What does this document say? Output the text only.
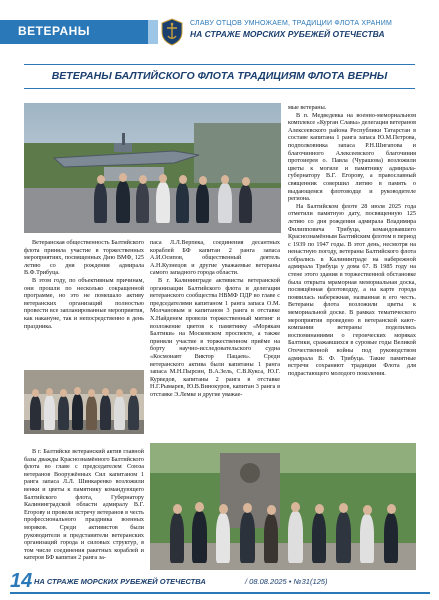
ВЕТЕРАНЫ
СЛАВУ ОТЦОВ УМНОЖАЕМ, ТРАДИЦИИ ФЛОТА ХРАНИМ
НА СТРАЖЕ МОРСКИХ РУБЕЖЕЙ ОТЕЧЕСТВА
ВЕТЕРАНЫ БАЛТИЙСКОГО ФЛОТА ТРАДИЦИЯМ ФЛОТА ВЕРНЫ

Ветеранская общественность Балтийского флота приняла участие в торжественных мероприятиях, посвященных Дню ВМФ, 125 летию со дня рождения адмирала В.Ф.Трибуца.

В этом году, по объективным причинам, они прошли по несколько сокращенной программе, но это не помешало активу ветеранских организаций полностью провести все запланированные мероприятия, как накануне, так и непосредственно в день праздника.

В г. Балтийске ветеранский актив главной базы дважды Краснознамённого Балтийского флота во главе с председателем Союза ветеранов Вооружённых Сил капитаном 1 ранга запаса Л.Л. Шинкаренко возложили венки и цветы к памятнику командующего Балтийского флота, Губернатору Калининградской области адмиралу В.Г. Егорову и провели встречу ветеранов в честь профессионального праздника военных моряков. Среди активистов были руководители и представители ветеранских организаций города и силовых структур, в том числе соединения ракетных кораблей и катеров БФ капитан 2 ранга за-

паса Л.Л.Верпека, соединения десантных кораблей БФ капитан 2 ранга запаса А.И.Осипов, общественный деятель А.Н.Кузнецов и другие уважаемые ветераны самого западного города области.

В г. Калининграде активисты ветеранской организации Балтийского флота и делегация ветеранского сообщества НВМФ ПДР во главе с председателями капитаном 1 ранга запаса О.М. Молчановым и капитаном 3 ранга в отставке Х.Найденем провели торжественный митинг и возложение цветов к памятнику «Морякам Балтики» на Московском проспекте, а также приняли участие в торжественном приёме на борту научно-исследовательского судна «Космонавт Виктор Пацаев». Среди ветеранского актива были капитаны 1 ранга запаса М.Н.Пырсин, В.А.Зель, С.В.Кукса, Ю.Г. Курведов, капитаны 2 ранга в отставке Н.Г.Рымарев, Ю.В.Винокуров, капитан 3 ранга в отставке Э.Лемке и другие уважае-

мые ветераны.

В п. Медведевка на военно-мемориальном комплексе «Курган Славы» делегация ветеранов Алексеевского района Республики Татарстан в составе капитана 1 ранга запаса Ю.М.Петрова, подполковника запаса Р.Н.Шигапова и благочинного Алексеевского благочиния протоиерея о. Павла (Чурашова) возложили цветы к могиле и памятнику адмирала-губернатору В.Г. Егорову, а православный священник совершил литию в память о выдающемся флотоводце и руководителе региона.

На Балтийском флоте 28 июля 2025 года отметили памятную дату, посвященную 125 летию со дня рождения адмирала Владимира Филипповича Трибуца, командовавшего Краснознамённым Балтийским флотом в период с 1939 по 1947 годы. В этот день, несмотря на ненастную погоду, ветераны Балтийского флота собрались в Калининграде на набережной адмирала Трибуца у дома 67. В 1985 году на стене этого здания в торжественной обстановке была открыта мраморная мемориальная доска, посвящённая флотоводцу, а на карте города появилась набережная, названная в его честь. Ветераны флота возложили цветы к мемориальной доске. В рамках тематического мероприятия проведено в ветеранской кают-компании ветераны поделились воспоминаниями о героических моряках Балтики, сражавшихся в суровые годы Великой Отечественной войны под руководством адмирала В. Ф. Трибуца. Такие памятные встречи сохраняют традиции Флота для подрастающего молодого поколения.

14 НА СТРАЖЕ МОРСКИХ РУБЕЖЕЙ ОТЕЧЕСТВА	/ 08.08.2025 • №31(125)
